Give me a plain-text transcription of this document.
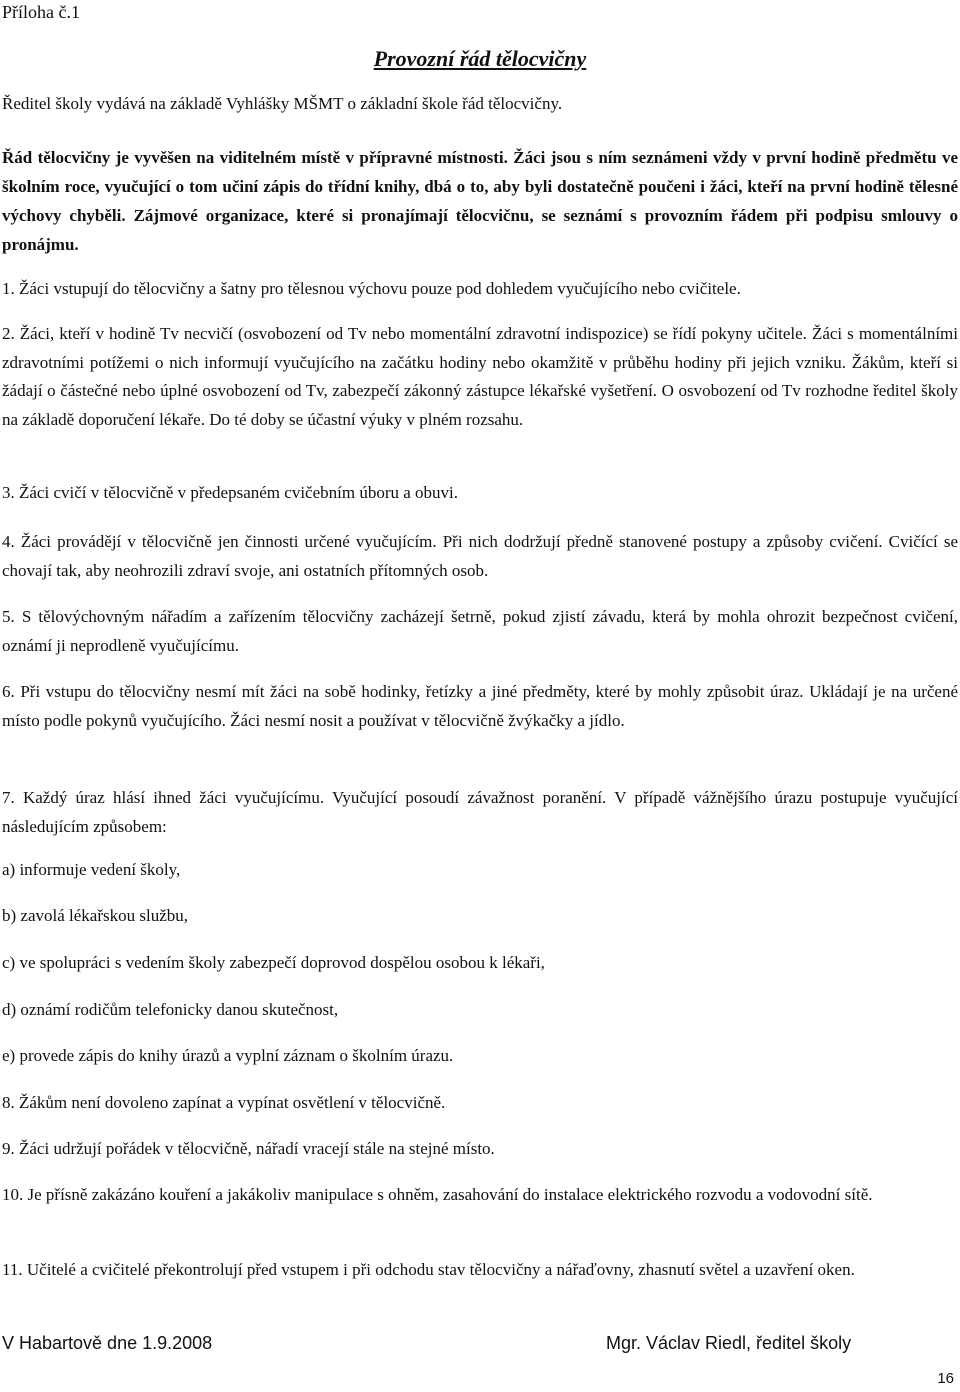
Příloha č.1
Provozní řád tělocvičny
Ředitel školy vydává na základě Vyhlášky MŠMT o základní škole řád tělocvičny.
Řád tělocvičny je vyvěšen na viditelném místě v přípravné místnosti. Žáci jsou s ním seznámeni vždy v první hodině předmětu ve školním roce, vyučující o tom učiní zápis do třídní knihy, dbá o to, aby byli dostatečně poučeni i žáci, kteří na první hodině tělesné výchovy chyběli. Zájmové organizace, které si pronajímají tělocvičnu, se seznámí s provozním řádem při podpisu smlouvy o pronájmu.

1. Žáci vstupují do tělocvičny a šatny pro tělesnou výchovu pouze pod dohledem vyučujícího nebo cvičitele.

2. Žáci, kteří v hodině Tv necvičí (osvobození od Tv nebo momentální zdravotní indispozice) se řídí pokyny učitele. Žáci s momentálními zdravotními potížemi o nich informují vyučujícího na začátku hodiny nebo okamžitě v průběhu hodiny při jejich vzniku. Žákům, kteří si žádají o částečné nebo úplné osvobození od Tv, zabezpečí zákonný zástupce lékařské vyšetření. O osvobození od Tv rozhodne ředitel školy na základě doporučení lékaře. Do té doby se účastní výuky v plném rozsahu.

3. Žáci cvičí v tělocvičně v předepsaném cvičebním úboru a obuvi.

4. Žáci provádějí v tělocvičně jen činnosti určené vyučujícím. Při nich dodržují předně stanovené postupy a způsoby cvičení. Cvičící se chovají tak, aby neohrozili zdraví svoje, ani ostatních přítomných osob.

5. S tělovýchovným nářadím a zařízením tělocvičny zacházejí šetrně, pokud zjistí závadu, která by mohla ohrozit bezpečnost cvičení, oznámí ji neprodleně vyučujícímu.

6. Při vstupu do tělocvičny nesmí mít žáci na sobě hodinky, řetízky a jiné předměty, které by mohly způsobit úraz. Ukládají je na určené místo podle pokynů vyučujícího. Žáci nesmí nosit a používat v tělocvičně žvýkačky a jídlo.

7. Každý úraz hlásí ihned žáci vyučujícímu. Vyučující posoudí závažnost poranění. V případě vážnějšího úrazu postupuje vyučující následujícím způsobem:

a) informuje vedení školy,

b) zavolá lékařskou službu,

c) ve spolupráci s vedením školy zabezpečí doprovod dospělou osobou k lékaři,

d) oznámí rodičům telefonicky danou skutečnost,

e) provede zápis do knihy úrazů a vyplní záznam o školním úrazu.

8. Žákům není dovoleno zapínat a vypínat osvětlení v tělocvičně.

9. Žáci udržují pořádek v tělocvičně, nářadí vracejí stále na stejné místo.

10. Je přísně zakázáno kouření a jakákoliv manipulace s ohněm, zasahování do instalace elektrického rozvodu a vodovodní sítě.

11. Učitelé a cvičitelé překontrolují před vstupem i při odchodu stav tělocvičny a nářaďovny, zhasnutí světel a uzavření oken.

V Habartově dne 1.9.2008	Mgr. Václav Riedl, ředitel školy
16
